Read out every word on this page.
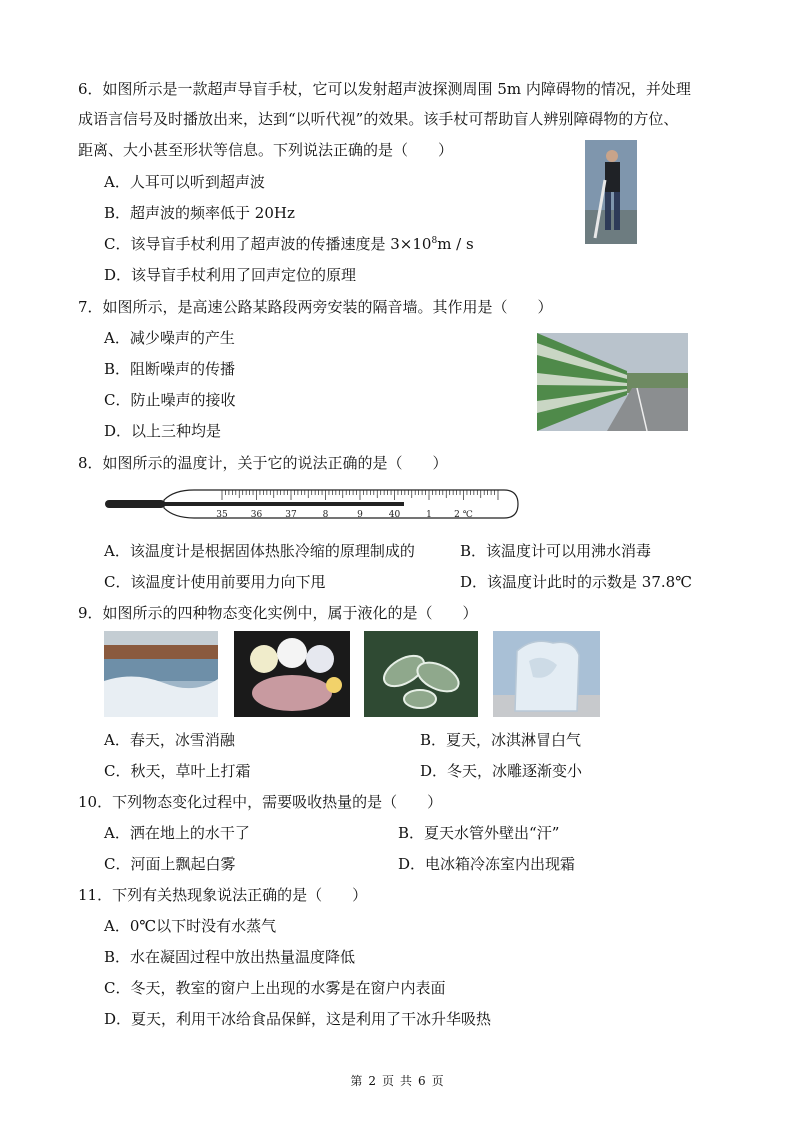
6．如图所示是一款超声导盲手杖，它可以发射超声波探测周围 5m 内障碍物的情况，并处理
成语言信号及时播放出来，达到“以听代视”的效果。该手杖可帮助盲人辨别障碍物的方位、
距离、大小甚至形状等信息。下列说法正确的是（　　）
A．人耳可以听到超声波
B．超声波的频率低于 20Hz
C．该导盲手杖利用了超声波的传播速度是 $3\times 10^8m / s$
D．该导盲手杖利用了回声定位的原理
7．如图所示，是高速公路某路段两旁安装的隔音墙。其作用是（　　）
A．减少噪声的产生
B．阻断噪声的传播
C．防止噪声的接收
D．以上三种均是
8．如图所示的温度计，关于它的说法正确的是（　　）
35	36	37	8	9	40	1 2 ℃
A．该温度计是根据固体热胀冷缩的原理制成的	B．该温度计可以用沸水消毒
C．该温度计使用前要用力向下甩	D．该温度计此时的示数是 37.8℃
9．如图所示的四种物态变化实例中，属于液化的是（　　）
A．春天，冰雪消融	B．夏天，冰淇淋冒白气
C．秋天，草叶上打霜	D．冬天，冰雕逐渐变小
10．下列物态变化过程中，需要吸收热量的是（　　）
A．洒在地上的水干了	B．夏天水管外壁出“汗”
C．河面上飘起白雾	D．电冰箱冷冻室内出现霜
11．下列有关热现象说法正确的是（　　）
A．0℃以下时没有水蒸气
B．水在凝固过程中放出热量温度降低
C．冬天，教室的窗户上出现的水雾是在窗户内表面
D．夏天，利用干冰给食品保鲜，这是利用了干冰升华吸热
第 2 页 共 6 页
